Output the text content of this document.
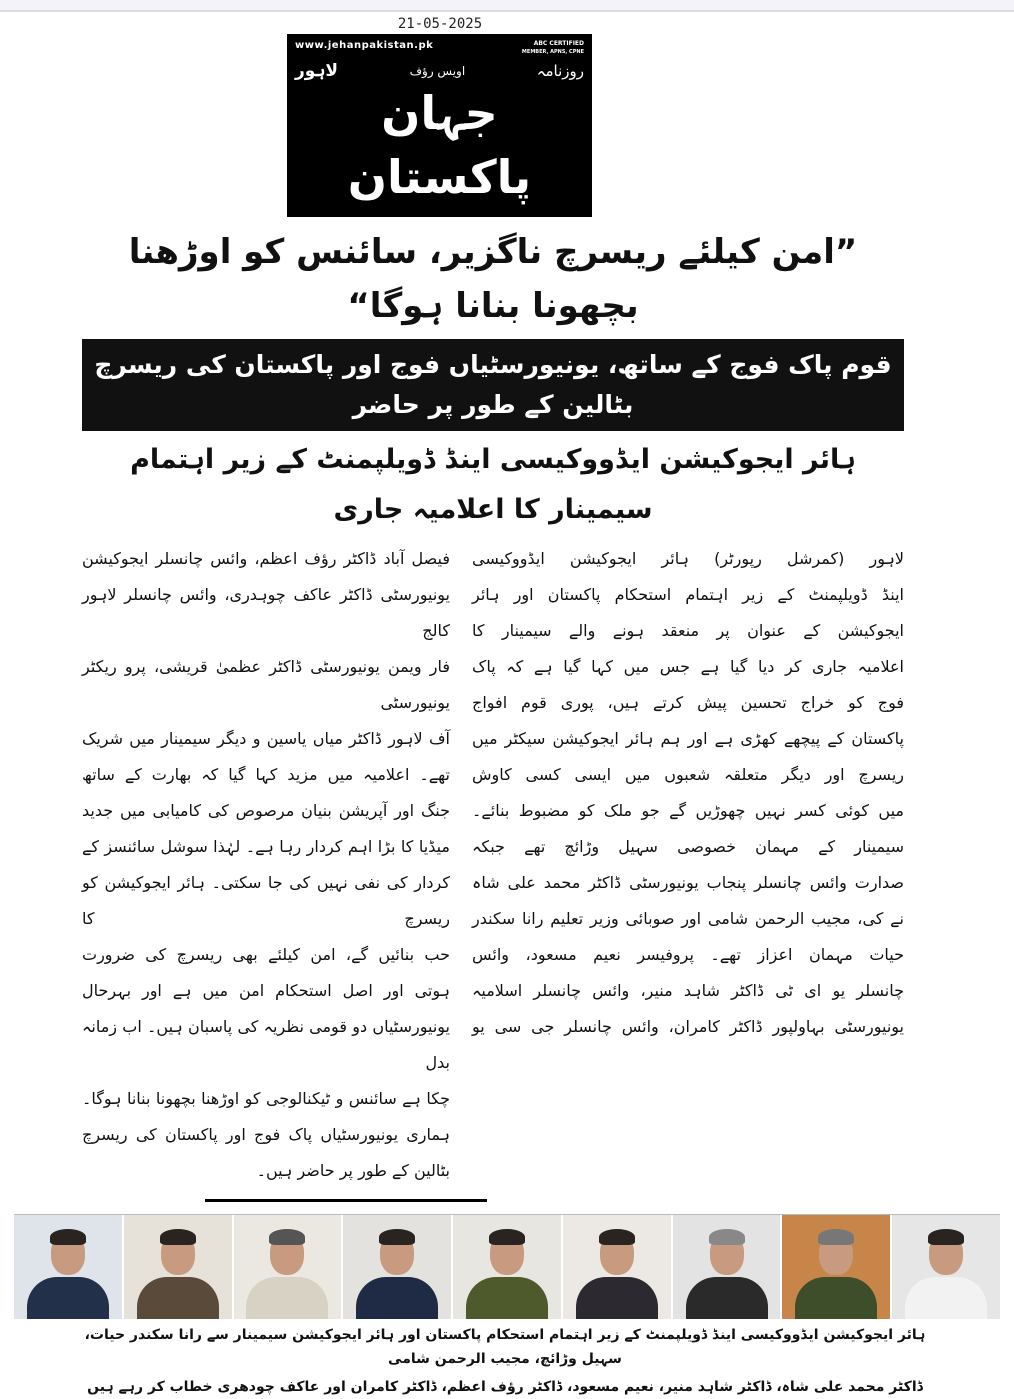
21-05-2025
www.jehanpakistan.pk	ABC CERTIFIED
MEMBER, APNS, CPNE
روزنامہ
اویس رؤف
لاہور
جہان پاکستان
”امن کیلئے ریسرچ ناگزیر، سائنس کو اوڑھنا بچھونا بنانا ہوگا“
قوم پاک فوج کے ساتھ، یونیورسٹیاں فوج اور پاکستان کی ریسرچ بٹالین کے طور پر حاضر
ہائر ایجوکیشن ایڈووکیسی اینڈ ڈویلپمنٹ کے زیر اہتمام سیمینار کا اعلامیہ جاری
لاہور (کمرشل رپورٹر) ہائر ایجوکیشن ایڈووکیسی
اینڈ ڈویلپمنٹ کے زیر اہتمام استحکام پاکستان اور ہائر
ایجوکیشن کے عنوان پر منعقد ہونے والے سیمینار کا
اعلامیہ جاری کر دیا گیا ہے جس میں کہا گیا ہے کہ پاک
فوج کو خراج تحسین پیش کرتے ہیں، پوری قوم افواج
پاکستان کے پیچھے کھڑی ہے اور ہم ہائر ایجوکیشن سیکٹر میں
ریسرچ اور دیگر متعلقہ شعبوں میں ایسی کسی کاوش
میں کوئی کسر نہیں چھوڑیں گے جو ملک کو مضبوط بنائے۔
سیمینار کے مہمان خصوصی سہیل وڑائچ تھے جبکہ
صدارت وائس چانسلر پنجاب یونیورسٹی ڈاکٹر محمد علی شاہ
نے کی، مجیب الرحمن شامی اور صوبائی وزیر تعلیم رانا سکندر
حیات مہمان اعزاز تھے۔ پروفیسر نعیم مسعود، وائس
چانسلر یو ای ٹی ڈاکٹر شاہد منیر، وائس چانسلر اسلامیہ
یونیورسٹی بہاولپور ڈاکٹر کامران، وائس چانسلر جی سی یو
فیصل آباد ڈاکٹر رؤف اعظم، وائس چانسلر ایجوکیشن
یونیورسٹی ڈاکٹر عاکف چوہدری، وائس چانسلر لاہور کالج
فار ویمن یونیورسٹی ڈاکٹر عظمیٰ قریشی، پرو ریکٹر یونیورسٹی
آف لاہور ڈاکٹر میاں یاسین و دیگر سیمینار میں شریک
تھے۔ اعلامیہ میں مزید کہا گیا کہ بھارت کے ساتھ
جنگ اور آپریشن بنیان مرصوص کی کامیابی میں جدید
میڈیا کا بڑا اہم کردار رہا ہے۔ لہٰذا سوشل سائنسز کے
کردار کی نفی نہیں کی جا سکتی۔ ہائر ایجوکیشن کو ریسرچ کا
حب بنائیں گے، امن کیلئے بھی ریسرچ کی ضرورت
ہوتی اور اصل استحکام امن میں ہے اور بہرحال
یونیورسٹیاں دو قومی نظریہ کی پاسبان ہیں۔ اب زمانہ بدل
چکا ہے سائنس و ٹیکنالوجی کو اوڑھنا بچھونا بنانا ہوگا۔
ہماری یونیورسٹیاں پاک فوج اور پاکستان کی ریسرچ
بٹالین کے طور پر حاضر ہیں۔
ہائر ایجوکیشن ایڈووکیسی اینڈ ڈویلپمنٹ کے زیر اہتمام استحکام پاکستان اور ہائر ایجوکیشن سیمینار سے رانا سکندر حیات، سہیل وڑائچ، مجیب الرحمن شامی
ڈاکٹر محمد علی شاہ، ڈاکٹر شاہد منیر، نعیم مسعود، ڈاکٹر رؤف اعظم، ڈاکٹر کامران اور عاکف چودھری خطاب کر رہے ہیں
